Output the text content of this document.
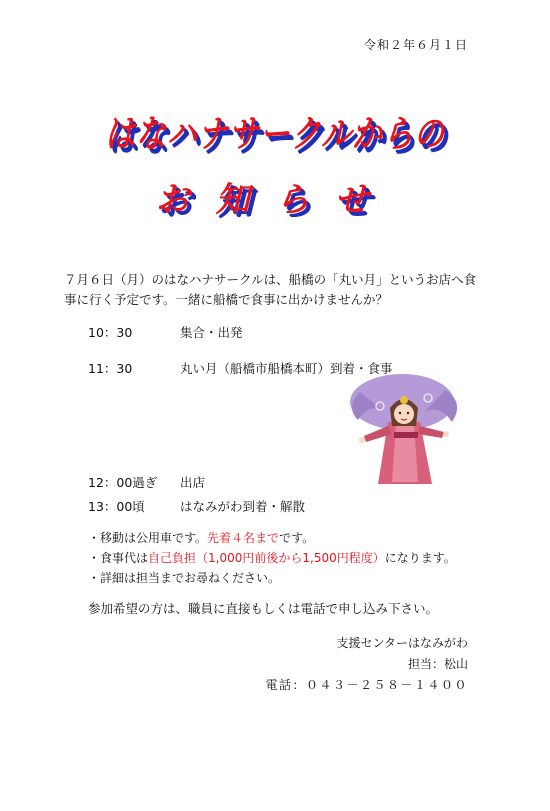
令和２年６月１日
はなハナサークルからの
お知らせ
７月６日（月）のはなハナサークルは、船橋の「丸い月」というお店へ食事に行く予定です。一緒に船橋で食事に出かけませんか？
10：30	集合・出発
11：30	丸い月（船橋市船橋本町）到着・食事
12：00過ぎ 出店
13：00頃	はなみがわ到着・解散
・移動は公用車です。先着４名までです。
・食事代は自己負担（1,000円前後から1,500円程度）になります。
・詳細は担当までお尋ねください。
参加希望の方は、職員に直接もしくは電話で申し込み下さい。
支援センターはなみがわ
担当：松山
電話：０４３－２５８－１４００
